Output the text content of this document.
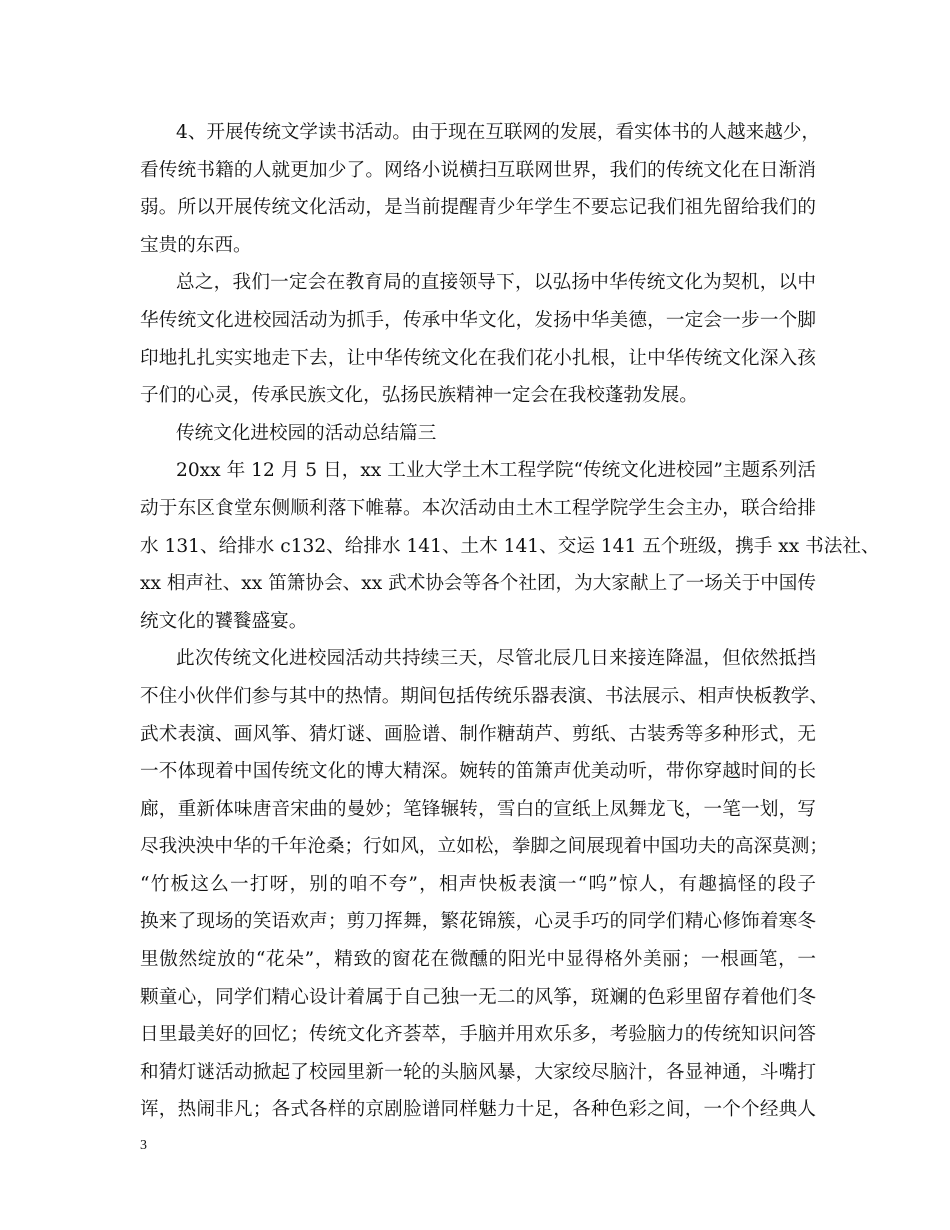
4、开展传统文学读书活动。由于现在互联网的发展，看实体书的人越来越少，
看传统书籍的人就更加少了。网络小说横扫互联网世界，我们的传统文化在日渐消
弱。所以开展传统文化活动，是当前提醒青少年学生不要忘记我们祖先留给我们的
宝贵的东西。
总之，我们一定会在教育局的直接领导下，以弘扬中华传统文化为契机，以中
华传统文化进校园活动为抓手，传承中华文化，发扬中华美德，一定会一步一个脚
印地扎扎实实地走下去，让中华传统文化在我们花小扎根，让中华传统文化深入孩
子们的心灵，传承民族文化，弘扬民族精神一定会在我校蓬勃发展。
传统文化进校园的活动总结篇三
20xx 年 12 月 5 日，xx 工业大学土木工程学院“传统文化进校园”主题系列活
动于东区食堂东侧顺利落下帷幕。本次活动由土木工程学院学生会主办，联合给排
水 131、给排水 c132、给排水 141、土木 141、交运 141 五个班级，携手 xx 书法社、
xx 相声社、xx 笛箫协会、xx 武术协会等各个社团，为大家献上了一场关于中国传
统文化的饕餮盛宴。
此次传统文化进校园活动共持续三天，尽管北辰几日来接连降温，但依然抵挡
不住小伙伴们参与其中的热情。期间包括传统乐器表演、书法展示、相声快板教学、
武术表演、画风筝、猜灯谜、画脸谱、制作糖葫芦、剪纸、古装秀等多种形式，无
一不体现着中国传统文化的博大精深。婉转的笛箫声优美动听，带你穿越时间的长
廊，重新体味唐音宋曲的曼妙；笔锋辗转，雪白的宣纸上凤舞龙飞，一笔一划，写
尽我泱泱中华的千年沧桑；行如风，立如松，拳脚之间展现着中国功夫的高深莫测；
“竹板这么一打呀，别的咱不夸”，相声快板表演一“呜”惊人，有趣搞怪的段子
换来了现场的笑语欢声；剪刀挥舞，繁花锦簇，心灵手巧的同学们精心修饰着寒冬
里傲然绽放的“花朵”，精致的窗花在微醺的阳光中显得格外美丽；一根画笔，一
颗童心，同学们精心设计着属于自己独一无二的风筝，斑斓的色彩里留存着他们冬
日里最美好的回忆；传统文化齐荟萃，手脑并用欢乐多，考验脑力的传统知识问答
和猜灯谜活动掀起了校园里新一轮的头脑风暴，大家绞尽脑汁，各显神通，斗嘴打
诨，热闹非凡；各式各样的京剧脸谱同样魅力十足，各种色彩之间，一个个经典人
3
